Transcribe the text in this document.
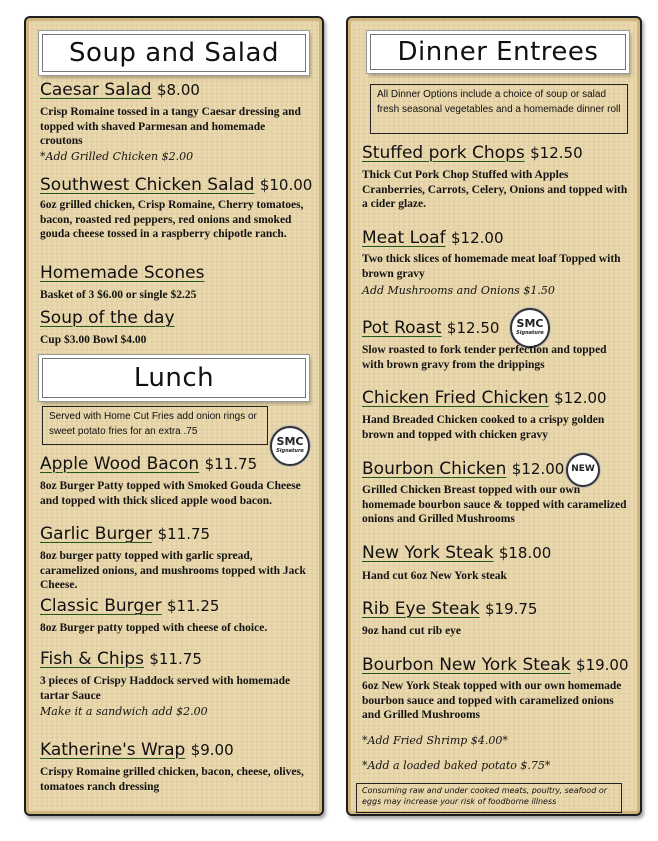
Soup and Salad
Caesar Salad $8.00
Crisp Romaine tossed in a tangy Caesar dressing and topped with shaved Parmesan and homemade croutons
*Add Grilled Chicken $2.00
Southwest Chicken Salad $10.00
6oz grilled chicken, Crisp Romaine, Cherry tomatoes, bacon, roasted red peppers, red onions and smoked gouda cheese tossed in a raspberry chipotle ranch.
Homemade Scones
Basket of 3 $6.00 or single $2.25
Soup of the day
Cup $3.00 Bowl $4.00
Lunch
Served with Home Cut Fries add onion rings or sweet potato fries for an extra .75
SMC
Signature
Apple Wood Bacon $11.75
8oz Burger Patty topped with Smoked Gouda Cheese and topped with thick sliced apple wood bacon.
Garlic Burger $11.75
8oz burger patty topped with garlic spread, caramelized onions, and mushrooms topped with Jack Cheese.
Classic Burger $11.25
8oz Burger patty topped with cheese of choice.
Fish & Chips $11.75
3 pieces of Crispy Haddock served with homemade tartar Sauce
Make it a sandwich add $2.00
Katherine's Wrap $9.00
Crispy Romaine grilled chicken, bacon, cheese, olives, tomatoes ranch dressing
Dinner Entrees
All Dinner Options include a choice of soup or salad fresh seasonal vegetables and a homemade dinner roll
Stuffed pork Chops $12.50
Thick Cut Pork Chop Stuffed with Apples Cranberries, Carrots, Celery, Onions and topped with a cider glaze.
Meat Loaf $12.00
Two thick slices of homemade meat loaf Topped with brown gravy
Add Mushrooms and Onions $1.50
Pot Roast $12.50	SMC
Signature
Slow roasted to fork tender perfection and topped with brown gravy from the drippings
Chicken Fried Chicken $12.00
Hand Breaded Chicken cooked to a crispy golden brown and topped with chicken gravy
Bourbon Chicken $12.00 NEW
Grilled Chicken Breast topped with our own homemade bourbon sauce & topped with caramelized onions and Grilled Mushrooms
New York Steak $18.00
Hand cut 6oz New York steak
Rib Eye Steak $19.75
9oz hand cut rib eye
Bourbon New York Steak $19.00
6oz New York Steak topped with our own homemade bourbon sauce and topped with caramelized onions and Grilled Mushrooms
*Add Fried Shrimp $4.00*
*Add a loaded baked potato $.75*
Consuming raw and under cooked meats, poultry, seafood or eggs may increase your risk of foodborne illness
